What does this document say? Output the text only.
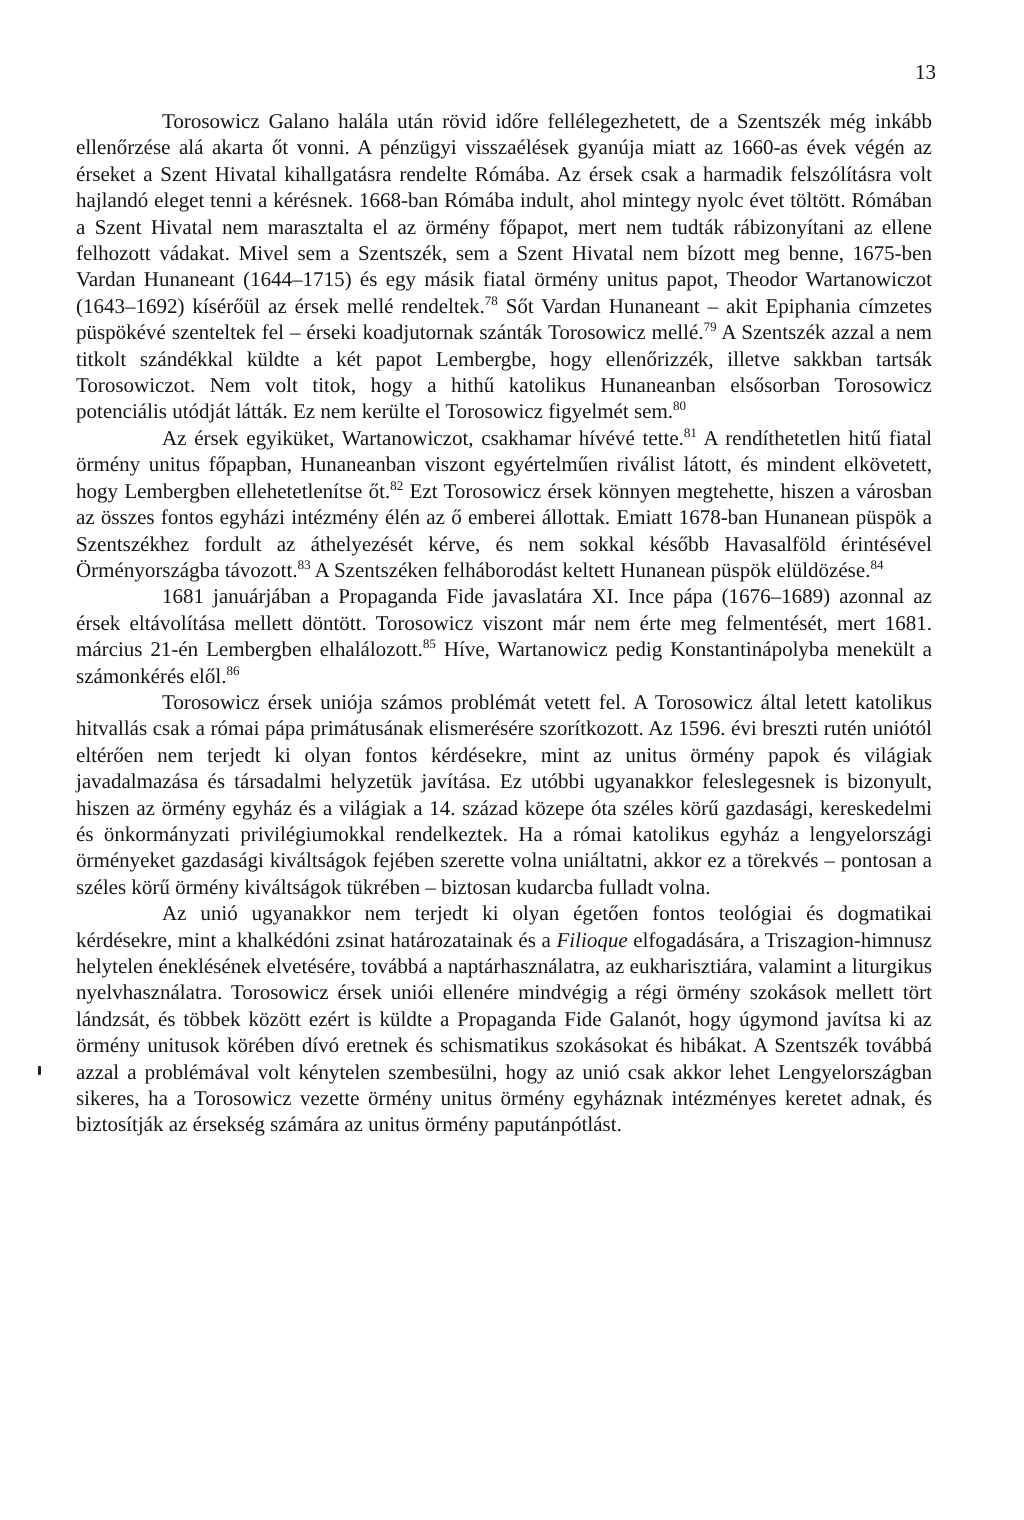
13

Torosowicz Galano halála után rövid időre fellélegezhetett, de a Szentszék még inkább ellenőrzése alá akarta őt vonni. A pénzügyi visszaélések gyanúja miatt az 1660-as évek végén az érseket a Szent Hivatal kihallgatásra rendelte Rómába. Az érsek csak a harmadik felszólításra volt hajlandó eleget tenni a kérésnek. 1668-ban Rómába indult, ahol mintegy nyolc évet töltött. Rómában a Szent Hivatal nem marasztalta el az örmény főpapot, mert nem tudták rábizonyítani az ellene felhozott vádakat. Mivel sem a Szentszék, sem a Szent Hivatal nem bízott meg benne, 1675-ben Vardan Hunaneant (1644–1715) és egy másik fiatal örmény unitus papot, Theodor Wartanowiczot (1643–1692) kísérőül az érsek mellé rendeltek.$^{78}$ Sőt Vardan Hunaneant – akit Epiphania címzetes püspökévé szenteltek fel – érseki koadjutornak szánták Torosowicz mellé.$^{79}$ A Szentszék azzal a nem titkolt szándékkal küldte a két papot Lembergbe, hogy ellenőrizzék, illetve sakkban tartsák Torosowiczot. Nem volt titok, hogy a hithű katolikus Hunaneanban elsősorban Torosowicz potenciális utódját látták. Ez nem kerülte el Torosowicz figyelmét sem.$^{80}$

Az érsek egyiküket, Wartanowiczot, csakhamar hívévé tette.$^{81}$ A rendíthetetlen hitű fiatal örmény unitus főpapban, Hunaneanban viszont egyértelműen riválist látott, és mindent elkövetett, hogy Lembergben ellehetetlenítse őt.$^{82}$ Ezt Torosowicz érsek könnyen megtehette, hiszen a városban az összes fontos egyházi intézmény élén az ő emberei állottak. Emiatt 1678-ban Hunanean püspök a Szentszékhez fordult az áthelyezését kérve, és nem sokkal később Havasalföld érintésével Örményországba távozott.$^{83}$ A Szentszéken felháborodást keltett Hunanean püspök elüldözése.$^{84}$

1681 januárjában a Propaganda Fide javaslatára XI. Ince pápa (1676–1689) azonnal az érsek eltávolítása mellett döntött. Torosowicz viszont már nem érte meg felmentését, mert 1681. március 21-én Lembergben elhalálozott.$^{85}$ Híve, Wartanowicz pedig Konstantinápolyba menekült a számonkérés elől.$^{86}$

Torosowicz érsek uniója számos problémát vetett fel. A Torosowicz által letett katolikus hitvallás csak a római pápa primátusának elismerésére szorítkozott. Az 1596. évi breszti rutén uniótól eltérően nem terjedt ki olyan fontos kérdésekre, mint az unitus örmény papok és világiak javadalmazása és társadalmi helyzetük javítása. Ez utóbbi ugyanakkor feleslegesnek is bizonyult, hiszen az örmény egyház és a világiak a 14. század közepe óta széles körű gazdasági, kereskedelmi és önkormányzati privilégiumokkal rendelkeztek. Ha a római katolikus egyház a lengyelországi örményeket gazdasági kiváltságok fejében szerette volna uniáltatni, akkor ez a törekvés – pontosan a széles körű örmény kiváltságok tükrében – biztosan kudarcba fulladt volna.

Az unió ugyanakkor nem terjedt ki olyan égetően fontos teológiai és dogmatikai kérdésekre, mint a khalkédóni zsinat határozatainak és a Filioque elfogadására, a Triszagion-himnusz helytelen éneklésének elvetésére, továbbá a naptárhasználatra, az eukharisztiára, valamint a liturgikus nyelvhasználatra. Torosowicz érsek uniói ellenére mindvégig a régi örmény szokások mellett tört lándzsát, és többek között ezért is küldte a Propaganda Fide Galanót, hogy úgymond javítsa ki az örmény unitusok körében dívó eretnek és schismatikus szokásokat és hibákat. A Szentszék továbbá azzal a problémával volt kénytelen szembesülni, hogy az unió csak akkor lehet Lengyelországban sikeres, ha a Torosowicz vezette örmény unitus örmény egyháznak intézményes keretet adnak, és biztosítják az érsekség számára az unitus örmény paputánpótlást.
